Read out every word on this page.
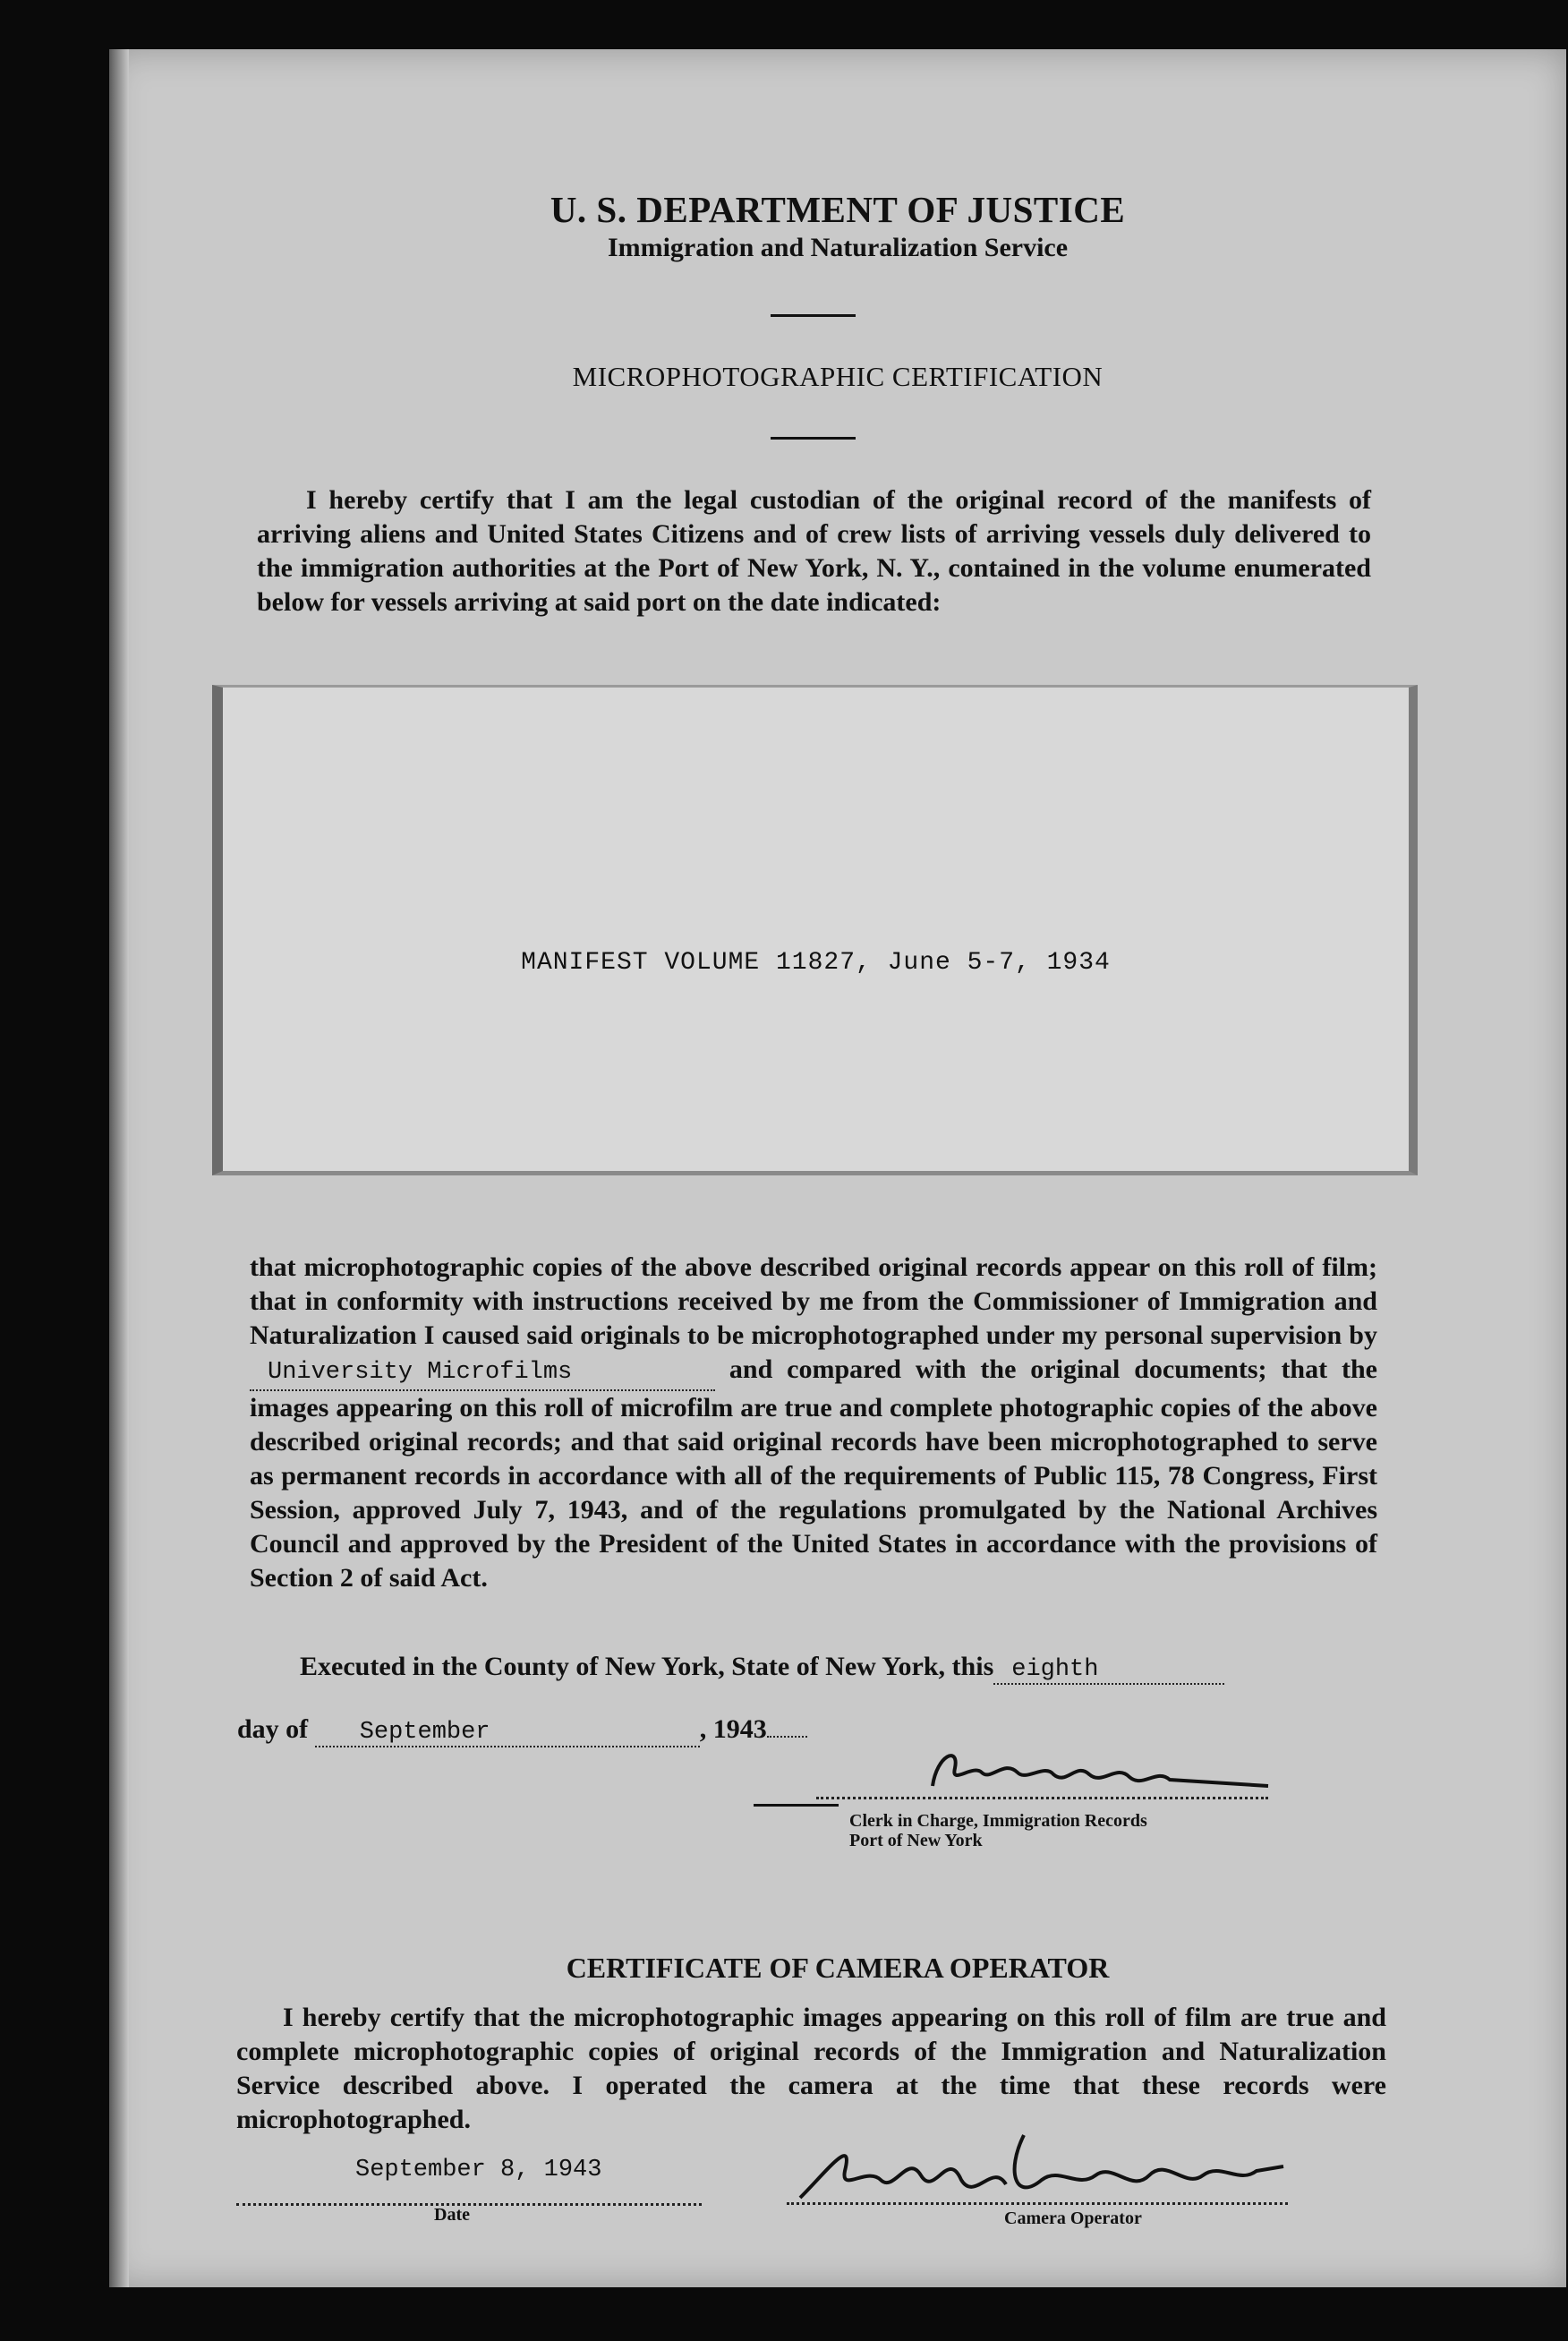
U. S. DEPARTMENT OF JUSTICE
Immigration and Naturalization Service
MICROPHOTOGRAPHIC CERTIFICATION
I hereby certify that I am the legal custodian of the original record of the manifests of arriving aliens and United States Citizens and of crew lists of arriving vessels duly delivered to the immigration authorities at the Port of New York, N. Y., contained in the volume enumerated below for vessels arriving at said port on the date indicated:
MANIFEST VOLUME 11827, June 5-7, 1934
that microphotographic copies of the above described original records appear on this roll of film; that in conformity with instructions received by me from the Commissioner of Immigration and Naturalization I caused said originals to be microphotographed under my personal supervision byUniversity Microfilms	and compared with the original documents; that the images appearing on this roll of microfilm are true and complete photographic copies of the above described original records; and that said original records have been microphotographed to serve as permanent records in accordance with all of the requirements of Public 115, 78 Congress, First Session, approved July 7, 1943, and of the regulations promulgated by the National Archives Council and approved by the President of the United States in accordance with the provisions of Section 2 of said Act.
Executed in the County of New York, State of New York, this eighth
day of September	, 1943
Clerk in Charge, Immigration Records
Port of New York
CERTIFICATE OF CAMERA OPERATOR
I hereby certify that the microphotographic images appearing on this roll of film are true and complete microphotographic copies of original records of the Immigration and Naturalization Service described above. I operated the camera at the time that these records were microphotographed.
September 8, 1943
Date	Camera Operator
